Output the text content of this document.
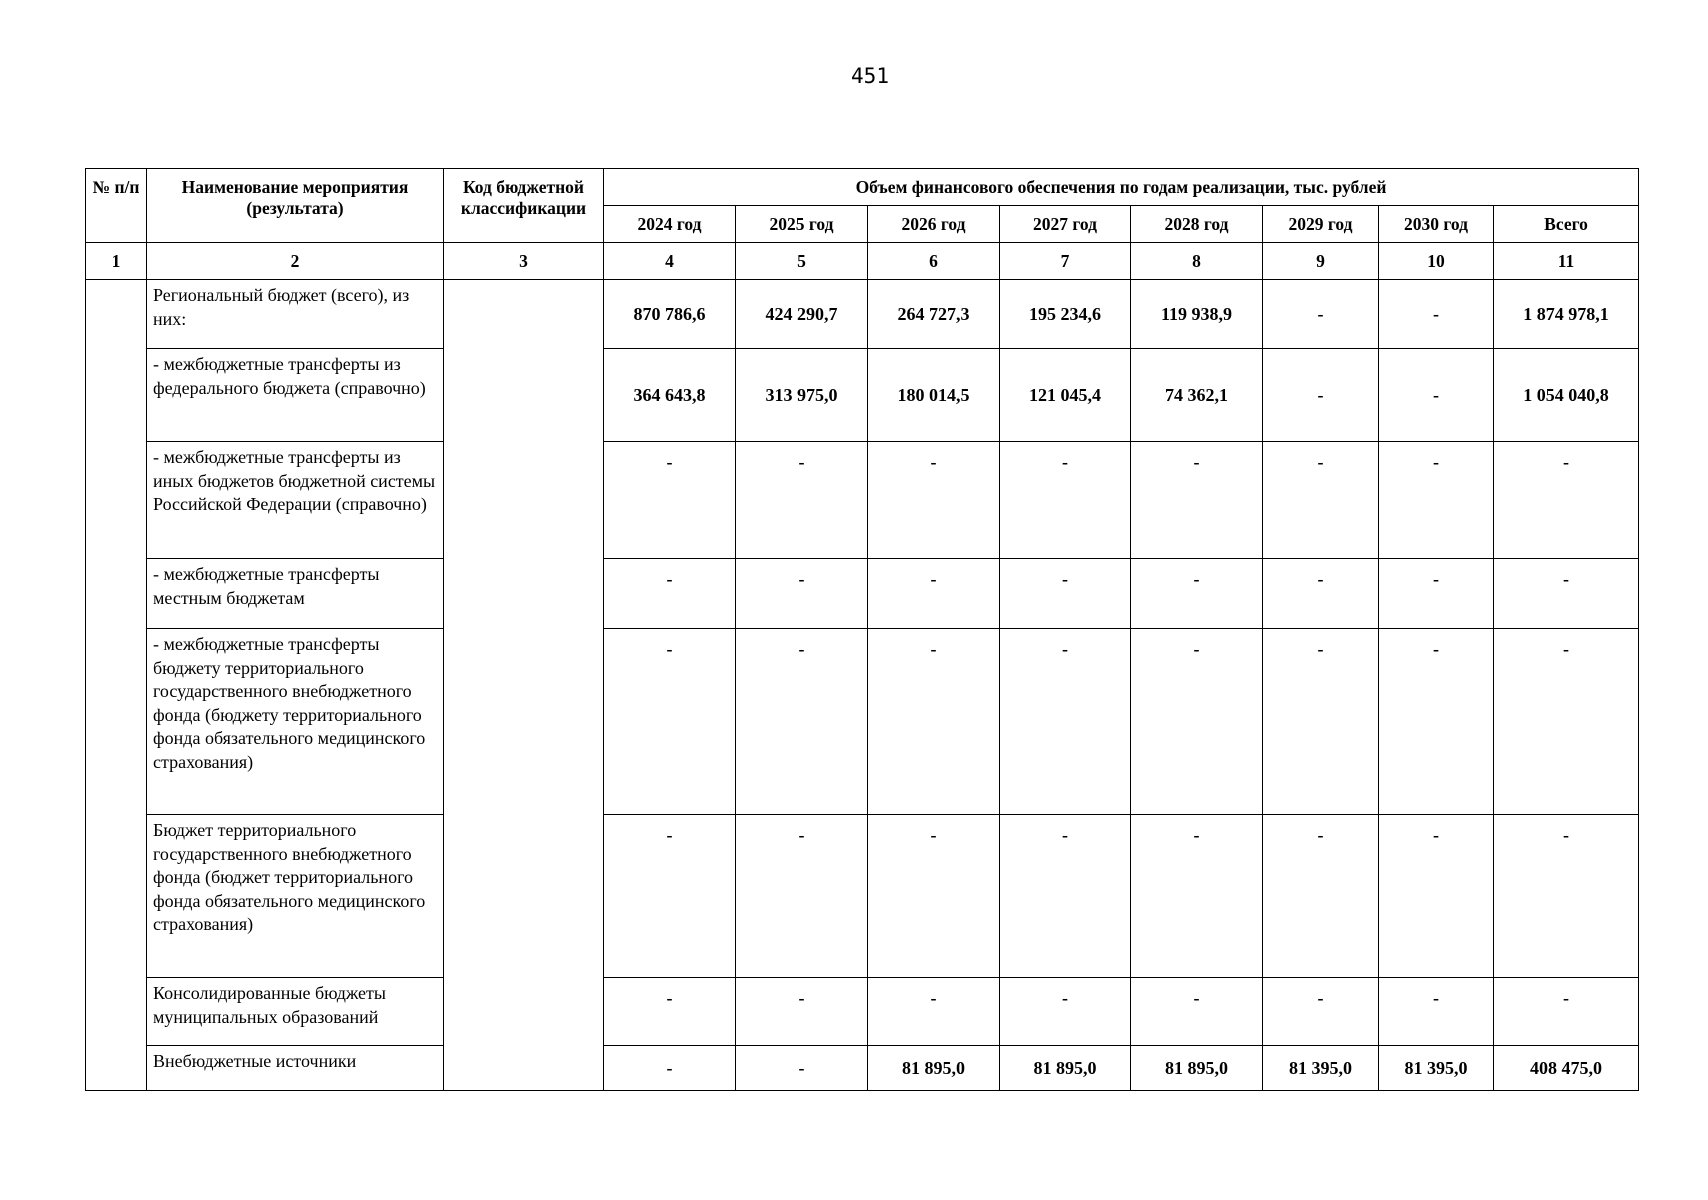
451
№ п/п	Наименование мероприятия (результата)	Код бюджетной классификации	Объем финансового обеспечения по годам реализации, тыс. рублей							
			2024 год	2025 год	2026 год	2027 год	2028 год	2029 год	2030 год	Всего
1	2	3	4	5	6	7	8	9	10	11
	Региональный бюджет (всего), из них:		870 786,6	424 290,7	264 727,3	195 234,6	119 938,9	-	-	1 874 978,1
	- межбюджетные трансферты из федерального бюджета (справочно)		364 643,8	313 975,0	180 014,5	121 045,4	74 362,1	-	-	1 054 040,8
	- межбюджетные трансферты из иных бюджетов бюджетной системы Российской Федерации (справочно)		-	-	-	-	-	-	-	-
	- межбюджетные трансферты местным бюджетам		-	-	-	-	-	-	-	-
	- межбюджетные трансферты бюджету территориального государственного внебюджетного фонда (бюджету территориального фонда обязательного медицинского страхования)		-	-	-	-	-	-	-	-
	Бюджет территориального государственного внебюджетного фонда (бюджет территориального фонда обязательного медицинского страхования)		-	-	-	-	-	-	-	-
	Консолидированные бюджеты муниципальных образований		-	-	-	-	-	-	-	-
	Внебюджетные источники		-	-	81 895,0	81 895,0	81 895,0	81 395,0	81 395,0	408 475,0
